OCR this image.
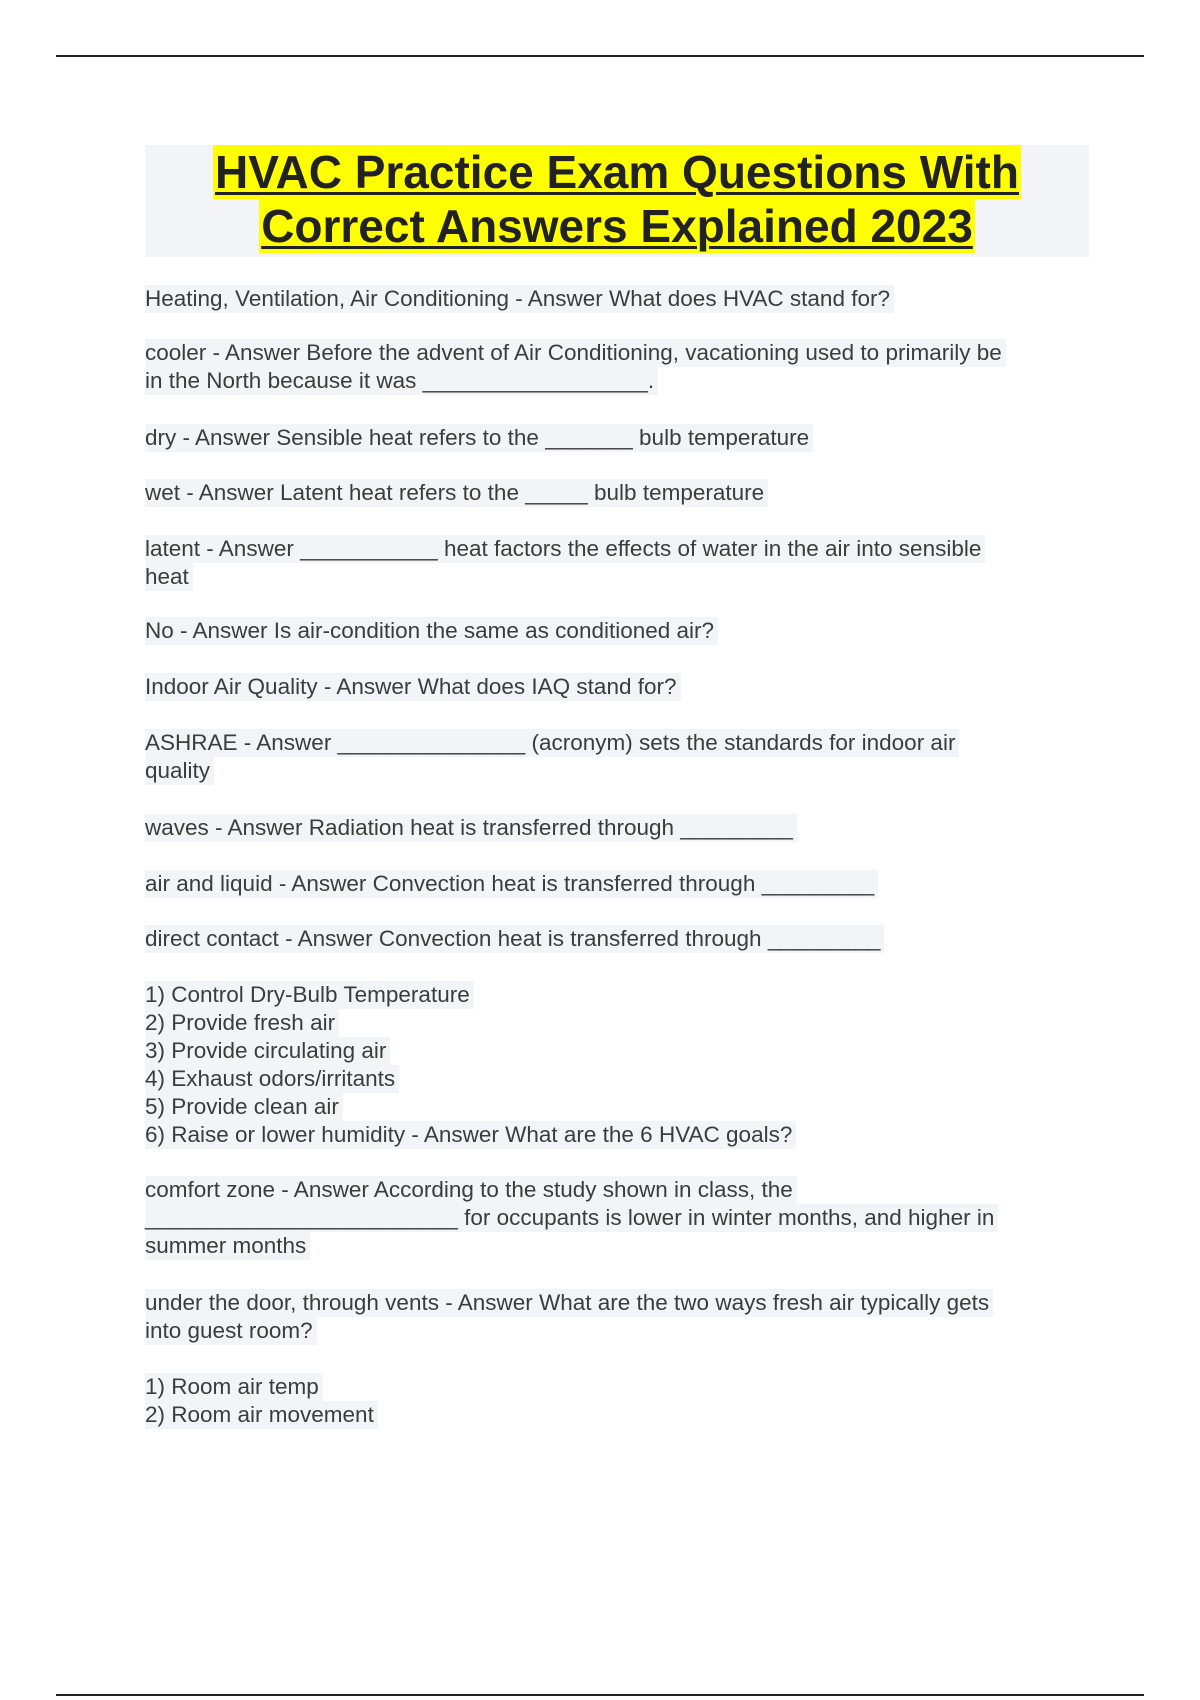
HVAC Practice Exam Questions With
Correct Answers Explained 2023
Heating, Ventilation, Air Conditioning - Answer What does HVAC stand for?
cooler - Answer Before the advent of Air Conditioning, vacationing used to primarily be
in the North because it was __________________.
dry - Answer Sensible heat refers to the _______ bulb temperature
wet - Answer Latent heat refers to the _____ bulb temperature
latent - Answer ___________ heat factors the effects of water in the air into sensible
heat
No - Answer Is air-condition the same as conditioned air?
Indoor Air Quality - Answer What does IAQ stand for?
ASHRAE - Answer _______________ (acronym) sets the standards for indoor air
quality
waves - Answer Radiation heat is transferred through _________
air and liquid - Answer Convection heat is transferred through _________
direct contact - Answer Convection heat is transferred through _________
1) Control Dry-Bulb Temperature
2) Provide fresh air
3) Provide circulating air
4) Exhaust odors/irritants
5) Provide clean air
6) Raise or lower humidity - Answer What are the 6 HVAC goals?
comfort zone - Answer According to the study shown in class, the
_________________________ for occupants is lower in winter months, and higher in
summer months
under the door, through vents - Answer What are the two ways fresh air typically gets
into guest room?
1) Room air temp
2) Room air movement
